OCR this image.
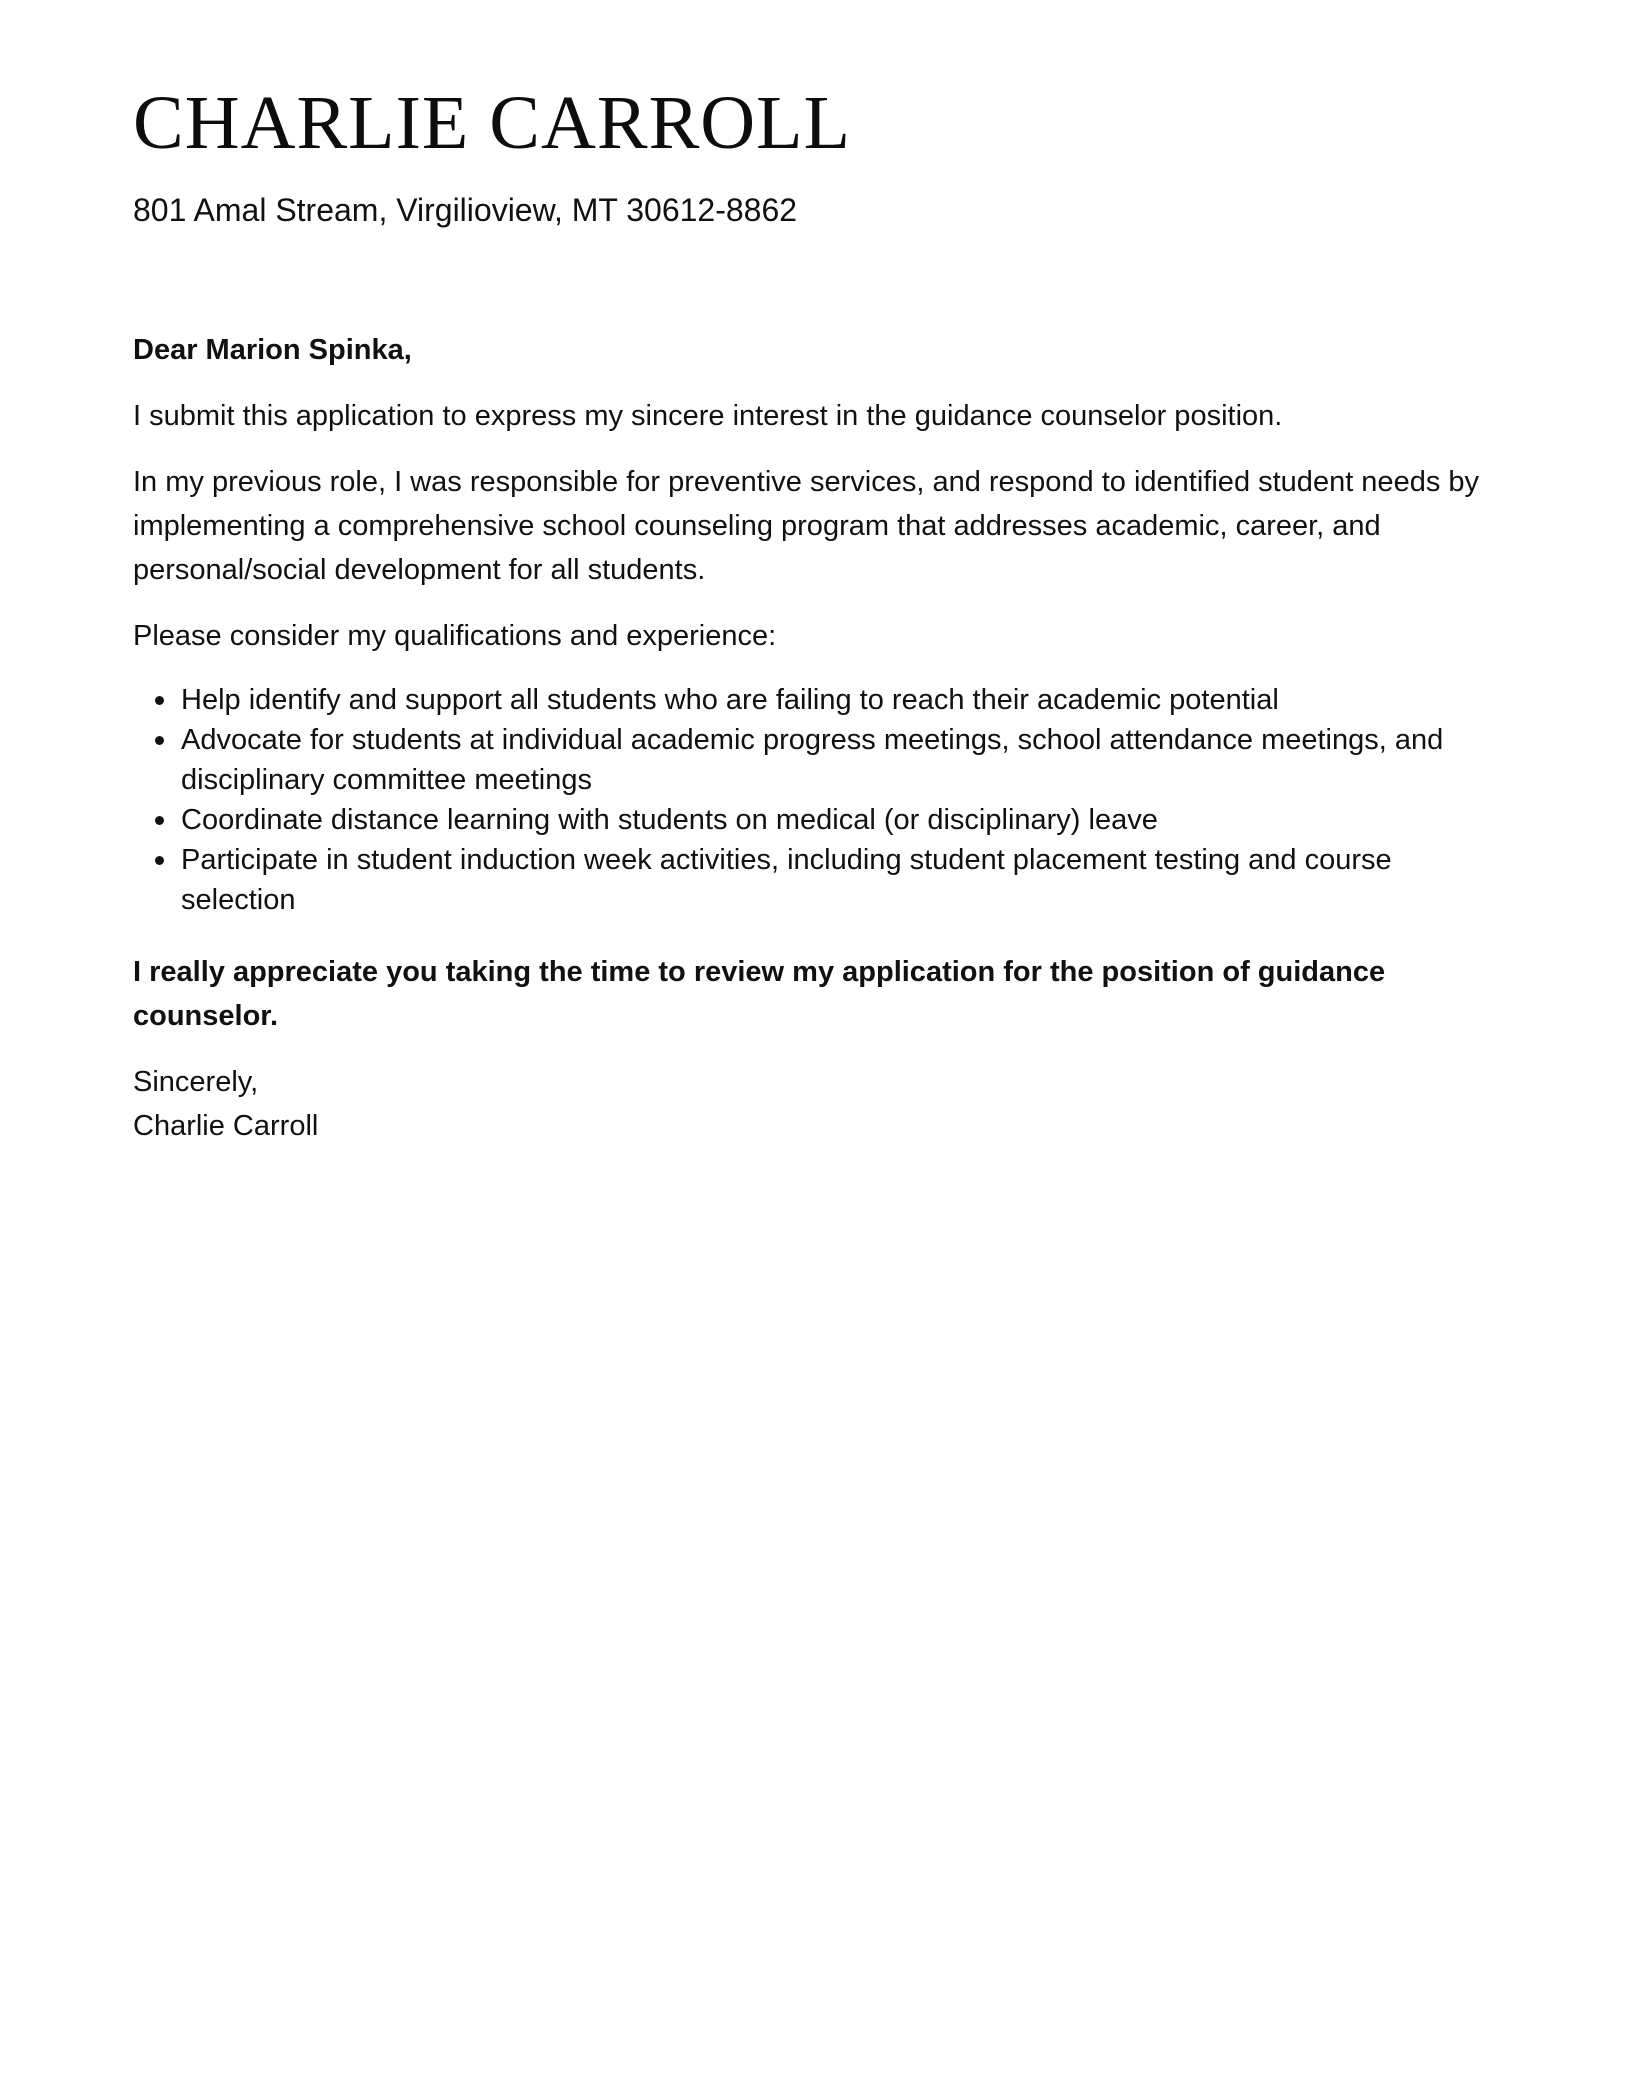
CHARLIE CARROLL
801 Amal Stream, Virgilioview, MT 30612-8862

Dear Marion Spinka,

I submit this application to express my sincere interest in the guidance counselor position.

In my previous role, I was responsible for preventive services, and respond to identified student needs by implementing a comprehensive school counseling program that addresses academic, career, and personal/social development for all students.

Please consider my qualifications and experience:

Help identify and support all students who are failing to reach their academic potential
Advocate for students at individual academic progress meetings, school attendance meetings, and disciplinary committee meetings
Coordinate distance learning with students on medical (or disciplinary) leave
Participate in student induction week activities, including student placement testing and course selection

I really appreciate you taking the time to review my application for the position of guidance counselor.

Sincerely,
Charlie Carroll
